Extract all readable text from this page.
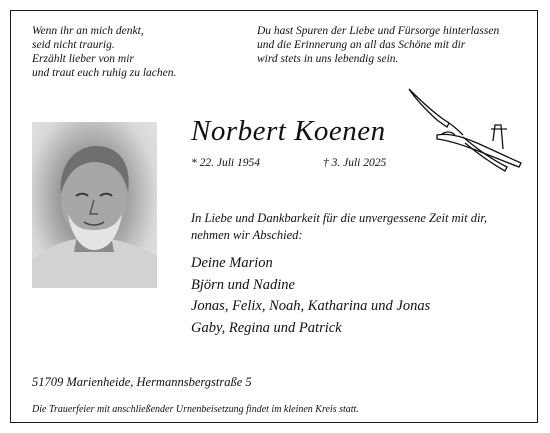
Wenn ihr an mich denkt,
seid nicht traurig.
Erzählt lieber von mir
und traut euch ruhig zu lachen.
Du hast Spuren der Liebe und Fürsorge hinterlassen
und die Erinnerung an all das Schöne mit dir
wird stets in uns lebendig sein.
Norbert Koenen
* 22. Juli 1954	† 3. Juli 2025
In Liebe und Dankbarkeit für die unvergessene Zeit mit dir,
nehmen wir Abschied:
Deine Marion
Björn und Nadine
Jonas, Felix, Noah, Katharina und Jonas
Gaby, Regina und Patrick
51709 Marienheide, Hermannsbergstraße 5
Die Trauerfeier mit anschließender Urnenbeisetzung findet im kleinen Kreis statt.
